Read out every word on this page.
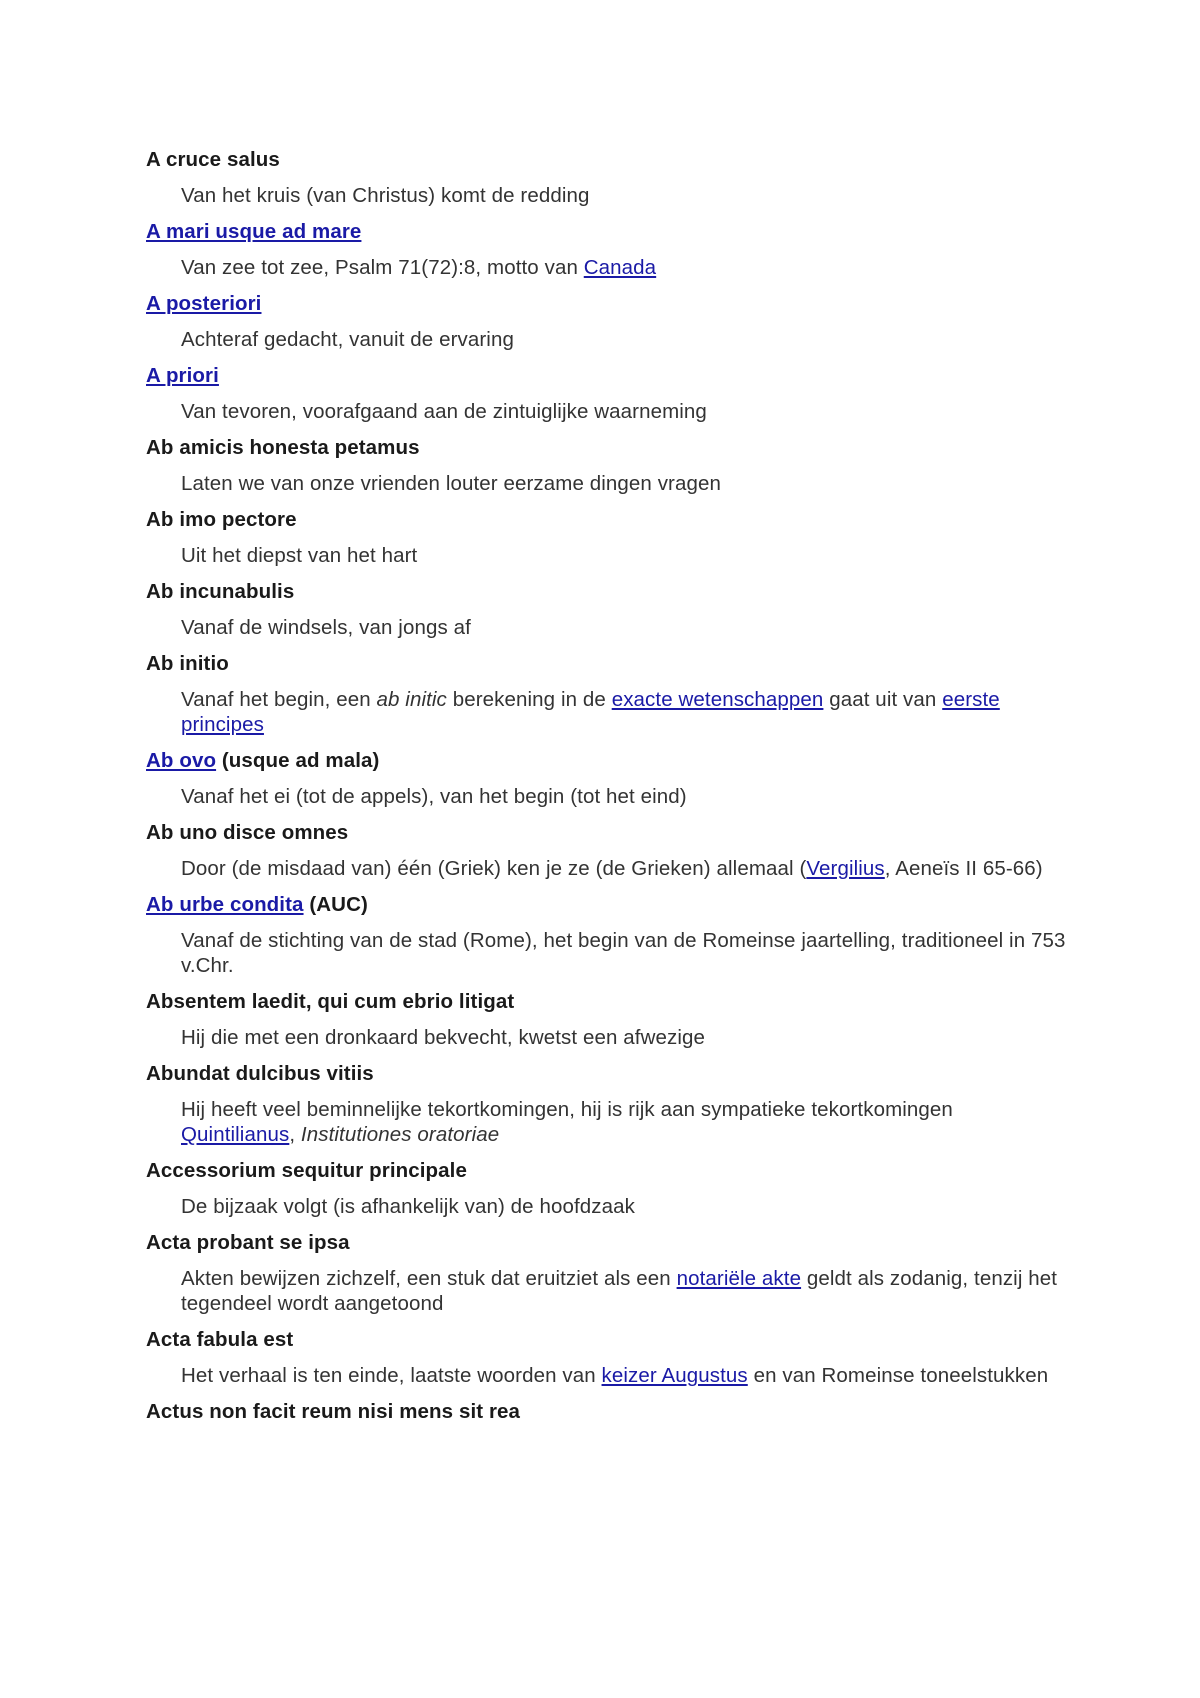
A cruce salus
Van het kruis (van Christus) komt de redding
A mari usque ad mare
Van zee tot zee, Psalm 71(72):8, motto van Canada
A posteriori
Achteraf gedacht, vanuit de ervaring
A priori
Van tevoren, voorafgaand aan de zintuiglijke waarneming
Ab amicis honesta petamus
Laten we van onze vrienden louter eerzame dingen vragen
Ab imo pectore
Uit het diepst van het hart
Ab incunabulis
Vanaf de windsels, van jongs af
Ab initio
Vanaf het begin, een ab initic berekening in de exacte wetenschappen gaat uit van eerste principes
Ab ovo (usque ad mala)
Vanaf het ei (tot de appels), van het begin (tot het eind)
Ab uno disce omnes
Door (de misdaad van) één (Griek) ken je ze (de Grieken) allemaal (Vergilius, Aeneïs II 65-66)
Ab urbe condita (AUC)
Vanaf de stichting van de stad (Rome), het begin van de Romeinse jaartelling, traditioneel in 753 v.Chr.
Absentem laedit, qui cum ebrio litigat
Hij die met een dronkaard bekvecht, kwetst een afwezige
Abundat dulcibus vitiis
Hij heeft veel beminnelijke tekortkomingen, hij is rijk aan sympatieke tekortkomingen Quintilianus, Institutiones oratoriae
Accessorium sequitur principale
De bijzaak volgt (is afhankelijk van) de hoofdzaak
Acta probant se ipsa
Akten bewijzen zichzelf, een stuk dat eruitziet als een notariële akte geldt als zodanig, tenzij het tegendeel wordt aangetoond
Acta fabula est
Het verhaal is ten einde, laatste woorden van keizer Augustus en van Romeinse toneelstukken
Actus non facit reum nisi mens sit rea
